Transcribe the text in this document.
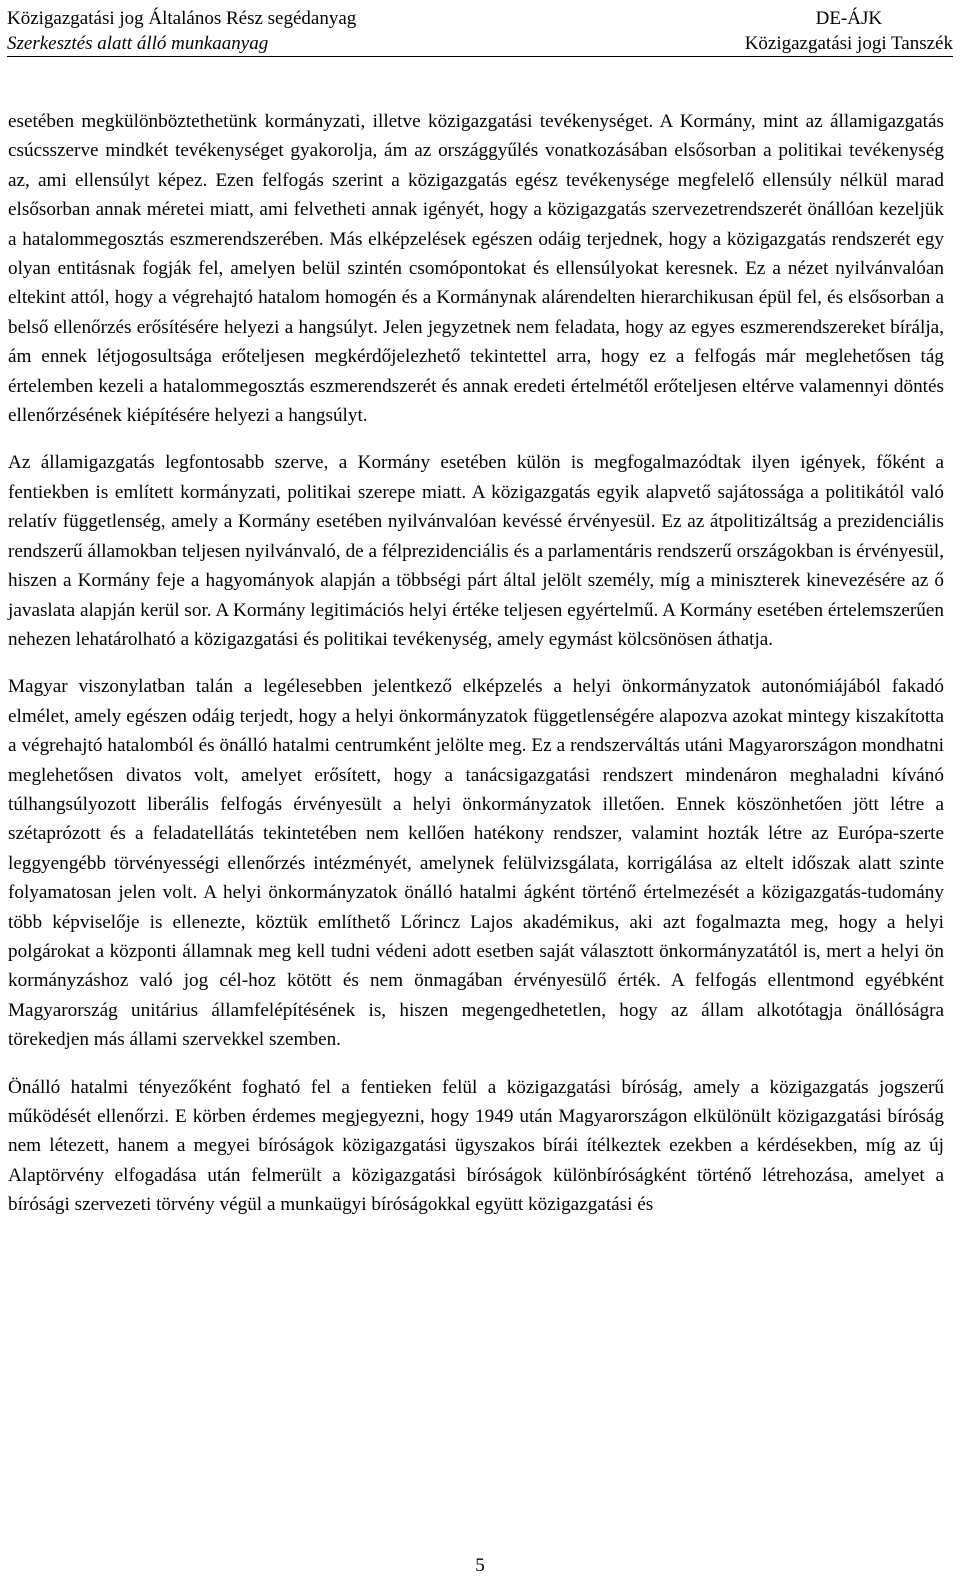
Közigazgatási jog Általános Rész segédanyag
Szerkesztés alatt álló munkaanyag
DE-ÁJK
Közigazgatási jogi Tanszék

esetében megkülönböztethetünk kormányzati, illetve közigazgatási tevékenységet. A Kormány, mint az államigazgatás csúcsszerve mindkét tevékenységet gyakorolja, ám az országgyűlés vonatkozásában elsősorban a politikai tevékenység az, ami ellensúlyt képez. Ezen felfogás szerint a közigazgatás egész tevékenysége megfelelő ellensúly nélkül marad elsősorban annak méretei miatt, ami felvetheti annak igényét, hogy a közigazgatás szervezetrendszerét önállóan kezeljük a hatalommegosztás eszmerendszerében. Más elképzelések egészen odáig terjednek, hogy a közigazgatás rendszerét egy olyan entitásnak fogják fel, amelyen belül szintén csomópontokat és ellensúlyokat keresnek. Ez a nézet nyilvánvalóan eltekint attól, hogy a végrehajtó hatalom homogén és a Kormánynak alárendelten hierarchikusan épül fel, és elsősorban a belső ellenőrzés erősítésére helyezi a hangsúlyt. Jelen jegyzetnek nem feladata, hogy az egyes eszmerendszereket bírálja, ám ennek létjogosultsága erőteljesen megkérdőjelezhető tekintettel arra, hogy ez a felfogás már meglehetősen tág értelemben kezeli a hatalommegosztás eszmerendszerét és annak eredeti értelmétől erőteljesen eltérve valamennyi döntés ellenőrzésének kiépítésére helyezi a hangsúlyt.

Az államigazgatás legfontosabb szerve, a Kormány esetében külön is megfogalmazódtak ilyen igények, főként a fentiekben is említett kormányzati, politikai szerepe miatt. A közigazgatás egyik alapvető sajátossága a politikától való relatív függetlenség, amely a Kormány esetében nyilvánvalóan kevéssé érvényesül. Ez az átpolitizáltság a prezidenciális rendszerű államokban teljesen nyilvánvaló, de a félprezidenciális és a parlamentáris rendszerű országokban is érvényesül, hiszen a Kormány feje a hagyományok alapján a többségi párt által jelölt személy, míg a miniszterek kinevezésére az ő javaslata alapján kerül sor. A Kormány legitimációs helyi értéke teljesen egyértelmű. A Kormány esetében értelemszerűen nehezen lehatárolható a közigazgatási és politikai tevékenység, amely egymást kölcsönösen áthatja.

Magyar viszonylatban talán a legélesebben jelentkező elképzelés a helyi önkormányzatok autonómiájából fakadó elmélet, amely egészen odáig terjedt, hogy a helyi önkormányzatok függetlenségére alapozva azokat mintegy kiszakította a végrehajtó hatalomból és önálló hatalmi centrumként jelölte meg. Ez a rendszerváltás utáni Magyarországon mondhatni meglehetősen divatos volt, amelyet erősített, hogy a tanácsigazgatási rendszert mindenáron meghaladni kívánó túlhangsúlyozott liberális felfogás érvényesült a helyi önkormányzatok illetően. Ennek köszönhetően jött létre a szétaprózott és a feladatellátás tekintetében nem kellően hatékony rendszer, valamint hozták létre az Európa-szerte leggyengébb törvényességi ellenőrzés intézményét, amelynek felülvizsgálata, korrigálása az eltelt időszak alatt szinte folyamatosan jelen volt. A helyi önkormányzatok önálló hatalmi ágként történő értelmezését a közigazgatás-tudomány több képviselője is ellenezte, köztük említhető Lőrincz Lajos akadémikus, aki azt fogalmazta meg, hogy a helyi polgárokat a központi államnak meg kell tudni védeni adott esetben saját választott önkormányzatától is, mert a helyi ön kormányzáshoz való jog cél-hoz kötött és nem önmagában érvényesülő érték. A felfogás ellentmond egyébként Magyarország unitárius államfelépítésének is, hiszen megengedhetetlen, hogy az állam alkotótagja önállóságra törekedjen más állami szervekkel szemben.

Önálló hatalmi tényezőként fogható fel a fentieken felül a közigazgatási bíróság, amely a közigazgatás jogszerű működését ellenőrzi. E körben érdemes megjegyezni, hogy 1949 után Magyarországon elkülönült közigazgatási bíróság nem létezett, hanem a megyei bíróságok közigazgatási ügyszakos bírái ítélkeztek ezekben a kérdésekben, míg az új Alaptörvény elfogadása után felmerült a közigazgatási bíróságok különbíróságként történő létrehozása, amelyet a bírósági szervezeti törvény végül a munkaügyi bíróságokkal együtt közigazgatási és

5
